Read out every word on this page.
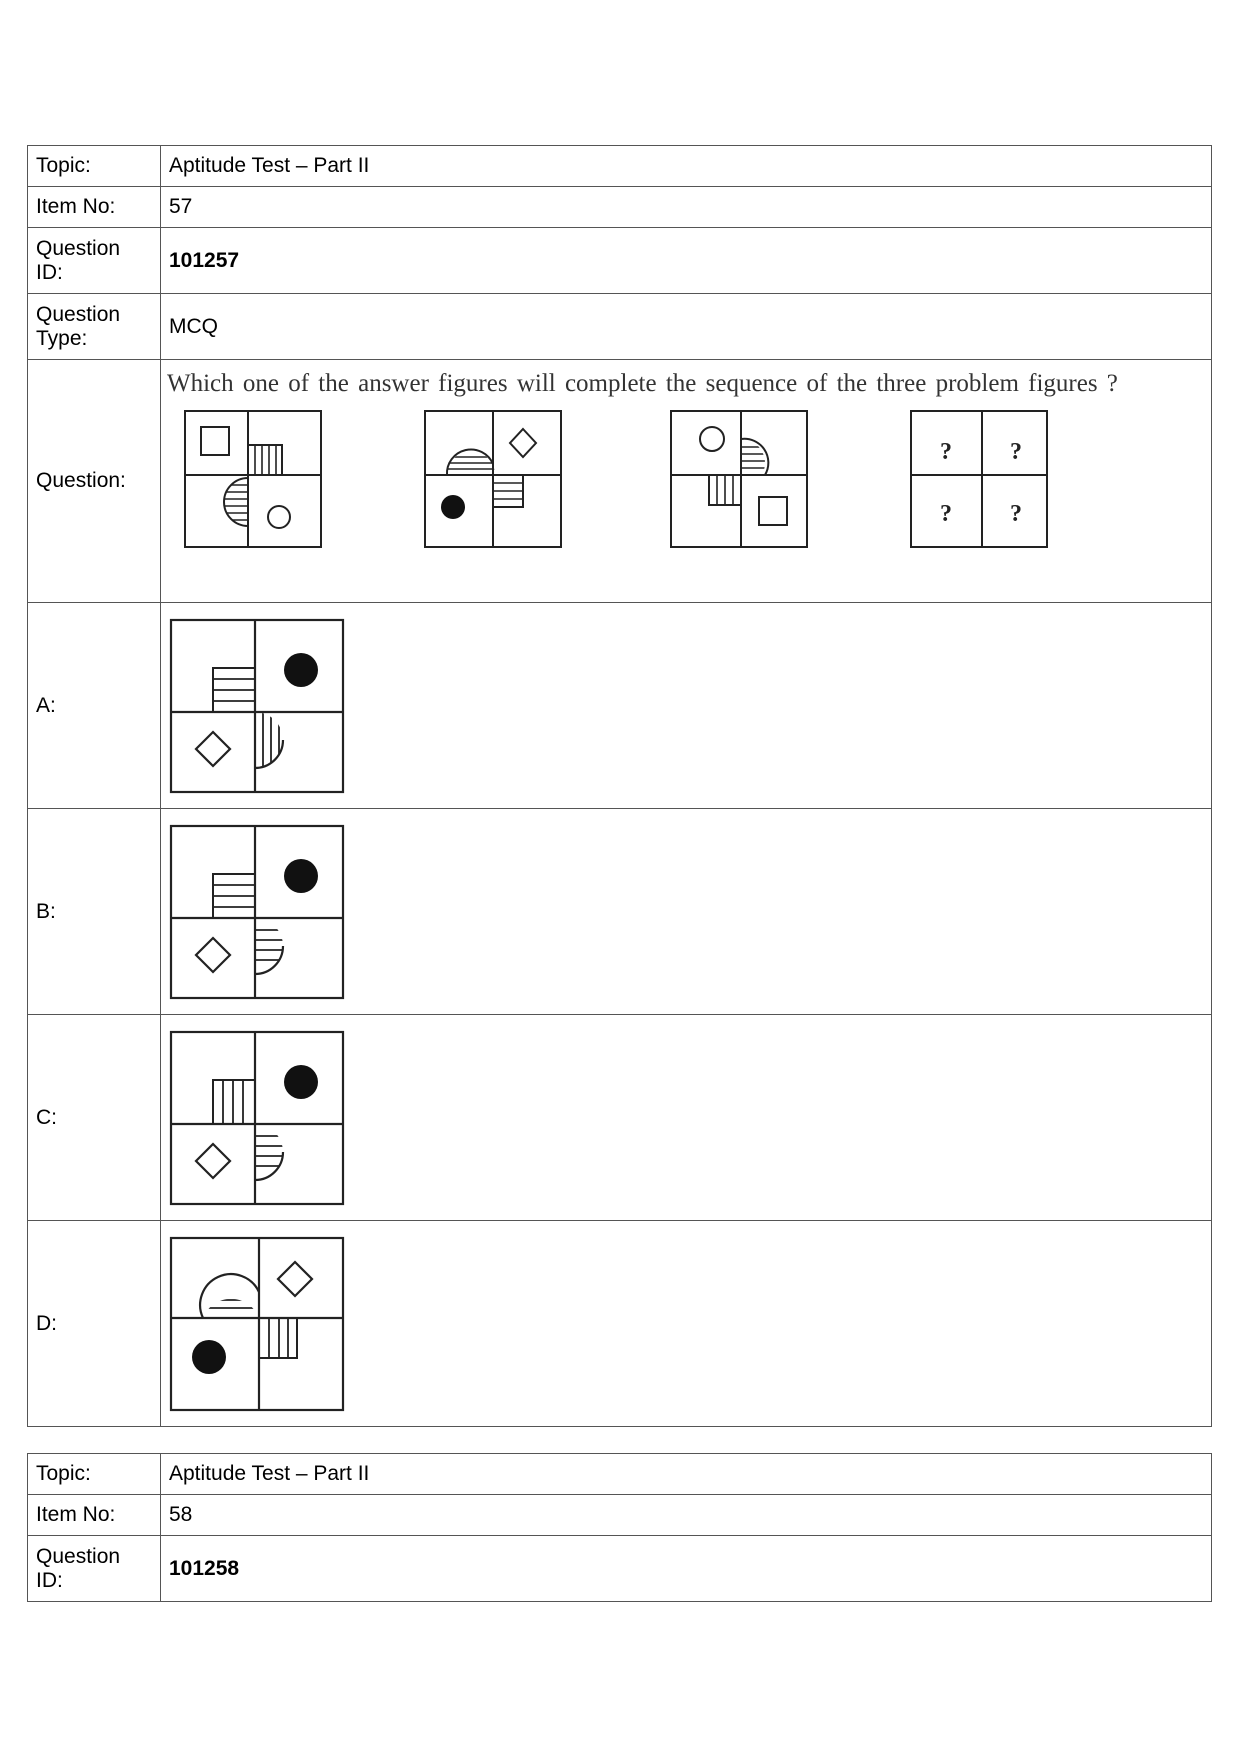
Topic:	Aptitude Test – Part II
Item No:	57
Question ID:	101257
Question Type:	MCQ
Question:	Which one of the answer figures will complete the sequence of the three problem figures ?
? ?
? ?

A:	

B:	

C:	

D:	
Topic:	Aptitude Test – Part II
Item No:	58
Question ID:	101258
